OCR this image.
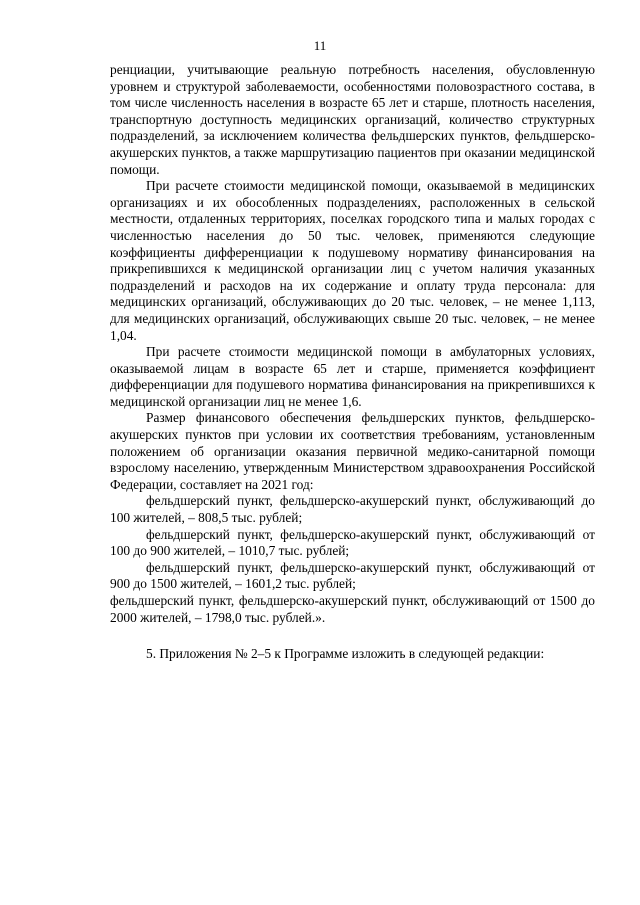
11

ренциации, учитывающие реальную потребность населения, обусловленную уровнем и структурой заболеваемости, особенностями половозрастного состава, в том числе численность населения в возрасте 65 лет и старше, плотность населения, транспортную доступность медицинских организаций, количество структурных подразделений, за исключением количества фельдшерских пунктов, фельдшерско-акушерских пунктов, а также маршрутизацию пациентов при оказании медицинской помощи.

При расчете стоимости медицинской помощи, оказываемой в медицинских организациях и их обособленных подразделениях, расположенных в сельской местности, отдаленных территориях, поселках городского типа и малых городах с численностью населения до 50 тыс. человек, применяются следующие коэффициенты дифференциации к подушевому нормативу финансирования на прикрепившихся к медицинской организации лиц с учетом наличия указанных подразделений и расходов на их содержание и оплату труда персонала: для медицинских организаций, обслуживающих до 20 тыс. человек, – не менее 1,113, для медицинских организаций, обслуживающих свыше 20 тыс. человек, – не менее 1,04.

При расчете стоимости медицинской помощи в амбулаторных условиях, оказываемой лицам в возрасте 65 лет и старше, применяется коэффициент дифференциации для подушевого норматива финансирования на прикрепившихся к медицинской организации лиц не менее 1,6.

Размер финансового обеспечения фельдшерских пунктов, фельдшерско-акушерских пунктов при условии их соответствия требованиям, установленным положением об организации оказания первичной медико-санитарной помощи взрослому населению, утвержденным Министерством здравоохранения Российской Федерации, составляет на 2021 год:

фельдшерский пункт, фельдшерско-акушерский пункт, обслуживающий до 100 жителей, – 808,5 тыс. рублей;

фельдшерский пункт, фельдшерско-акушерский пункт, обслуживающий от 100 до 900 жителей, – 1010,7 тыс. рублей;

фельдшерский пункт, фельдшерско-акушерский пункт, обслуживающий от 900 до 1500 жителей, – 1601,2 тыс. рублей;

фельдшерский пункт, фельдшерско-акушерский пункт, обслуживающий от 1500 до 2000 жителей, – 1798,0 тыс. рублей.».

5. Приложения № 2–5 к Программе изложить в следующей редакции:
